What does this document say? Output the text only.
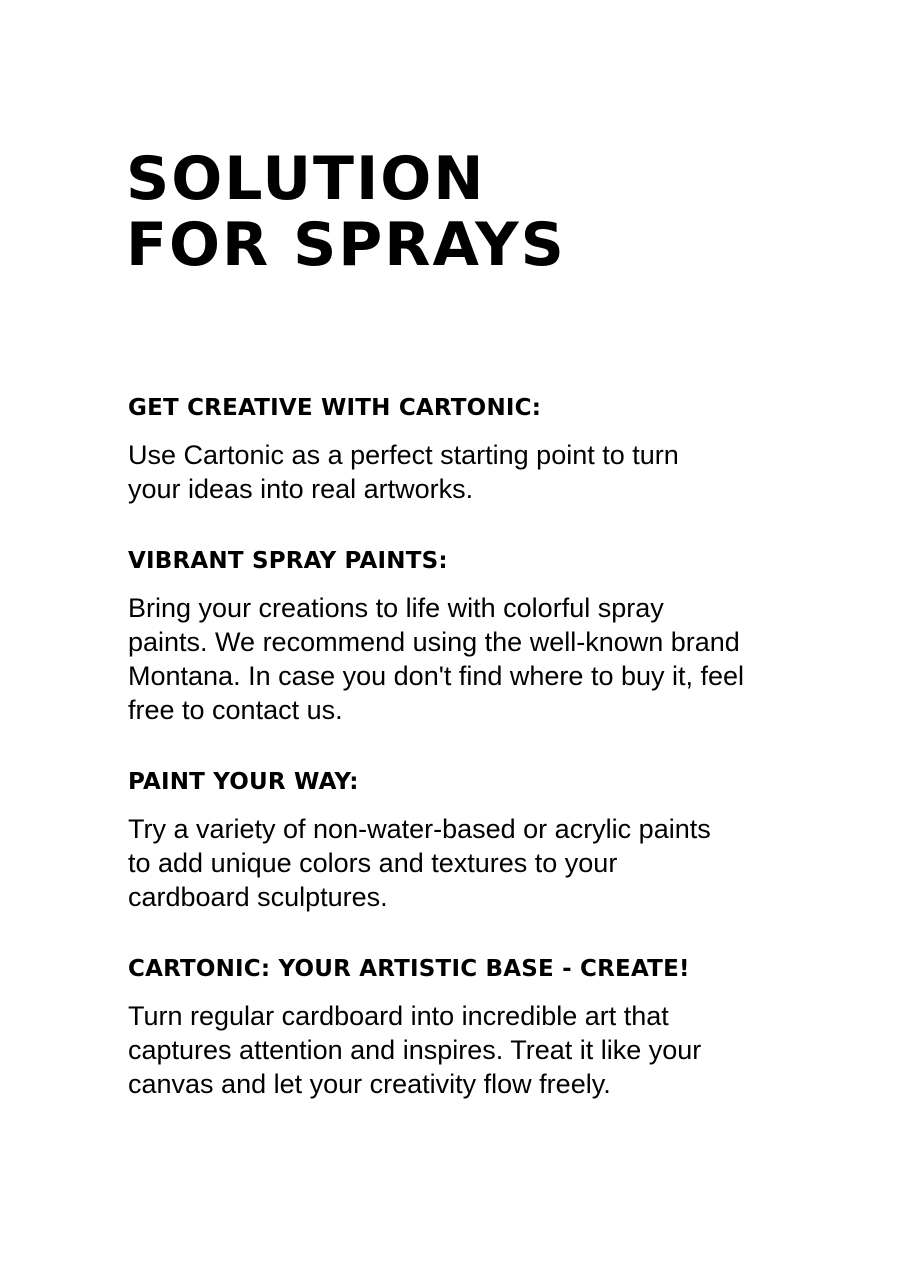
SOLUTION
FOR SPRAYS
GET CREATIVE WITH CARTONIC:

Use Cartonic as a perfect starting point to turn
your ideas into real artworks.

VIBRANT SPRAY PAINTS:

Bring your creations to life with colorful spray
paints. We recommend using the well-known brand
Montana. In case you don't find where to buy it, feel
free to contact us.

PAINT YOUR WAY:

Try a variety of non-water-based or acrylic paints
to add unique colors and textures to your
cardboard sculptures.

CARTONIC: YOUR ARTISTIC BASE - CREATE!

Turn regular cardboard into incredible art that
captures attention and inspires. Treat it like your
canvas and let your creativity flow freely.
